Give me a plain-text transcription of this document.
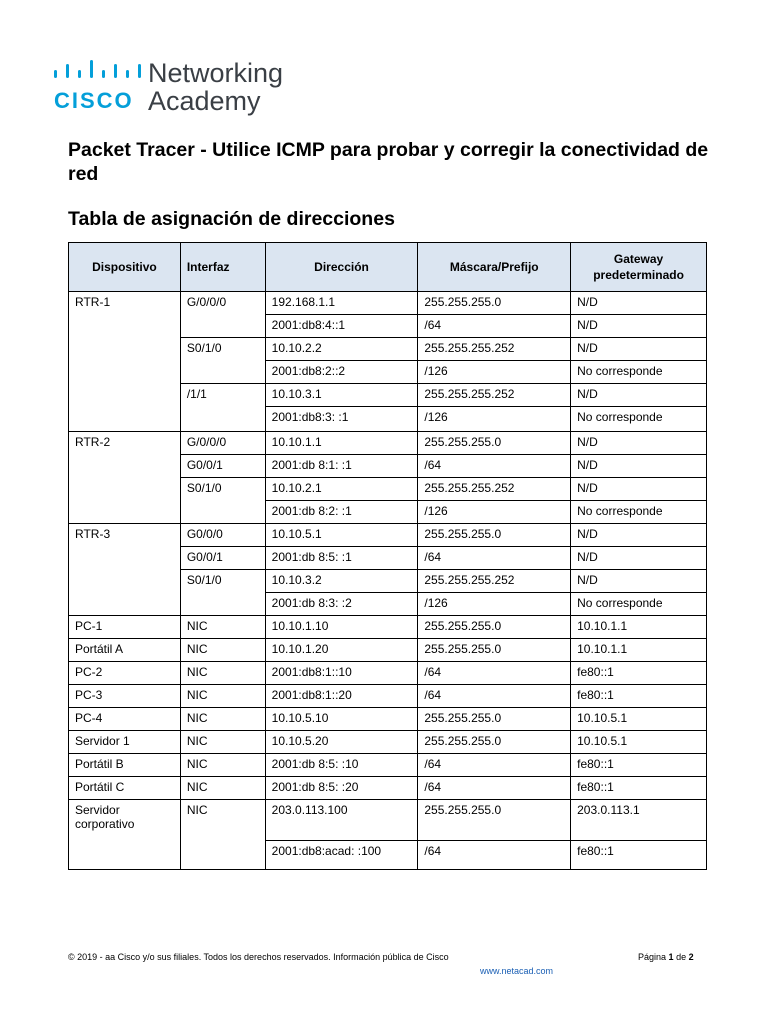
CISCO
Networking
Academy
Packet Tracer - Utilice ICMP para probar y corregir la conectividad de red
Tabla de asignación de direcciones
Dispositivo	Interfaz	Dirección	Máscara/Prefijo	Gateway predeterminado
RTR-1	G/0/0/0	192.168.1.1	255.255.255.0	N/D
		2001:db8:4::1	/64	N/D
	S0/1/0	10.10.2.2	255.255.255.252	N/D
		2001:db8:2::2	/126	No corresponde
	/1/1	10.10.3.1	255.255.255.252	N/D
		2001:db8:3: :1	/126	No corresponde
RTR-2	G/0/0/0	10.10.1.1	255.255.255.0	N/D
	G0/0/1	2001:db 8:1: :1	/64	N/D
	S0/1/0	10.10.2.1	255.255.255.252	N/D
		2001:db 8:2: :1	/126	No corresponde
RTR-3	G0/0/0	10.10.5.1	255.255.255.0	N/D
	G0/0/1	2001:db 8:5: :1	/64	N/D
	S0/1/0	10.10.3.2	255.255.255.252	N/D
		2001:db 8:3: :2	/126	No corresponde
PC-1	NIC	10.10.1.10	255.255.255.0	10.10.1.1
Portátil A	NIC	10.10.1.20	255.255.255.0	10.10.1.1
PC-2	NIC	2001:db8:1::10	/64	fe80::1
PC-3	NIC	2001:db8:1::20	/64	fe80::1
PC-4	NIC	10.10.5.10	255.255.255.0	10.10.5.1
Servidor 1	NIC	10.10.5.20	255.255.255.0	10.10.5.1
Portátil B	NIC	2001:db 8:5: :10	/64	fe80::1
Portátil C	NIC	2001:db 8:5: :20	/64	fe80::1
Servidor corporativo	NIC	203.0.113.100	255.255.255.0	203.0.113.1
		2001:db8:acad: :100	/64	fe80::1
© 2019 - aa Cisco y/o sus filiales. Todos los derechos reservados. Información pública de Cisco
www.netacad.com
Página 1 de 2
